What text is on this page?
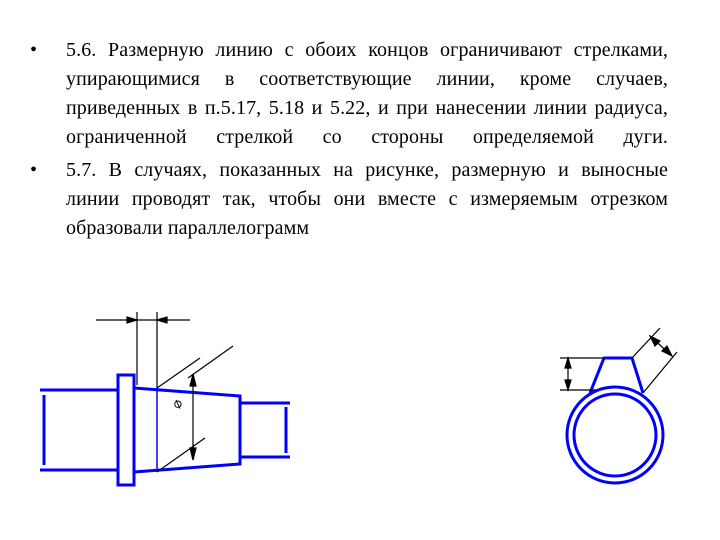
• 5.6. Размерную линию с обоих концов ограничивают стрелками, упирающимися в соответствующие линии, кроме случаев, приведенных в п.5.17, 5.18 и 5.22, и при нанесении линии радиуса, ограниченной стрелкой со стороны определяемой дуги.
• 5.7. В случаях, показанных на рисунке, размерную и выносные линии проводят так, чтобы они вместе с измеряемым отрезком образовали параллелограмм
⌀
